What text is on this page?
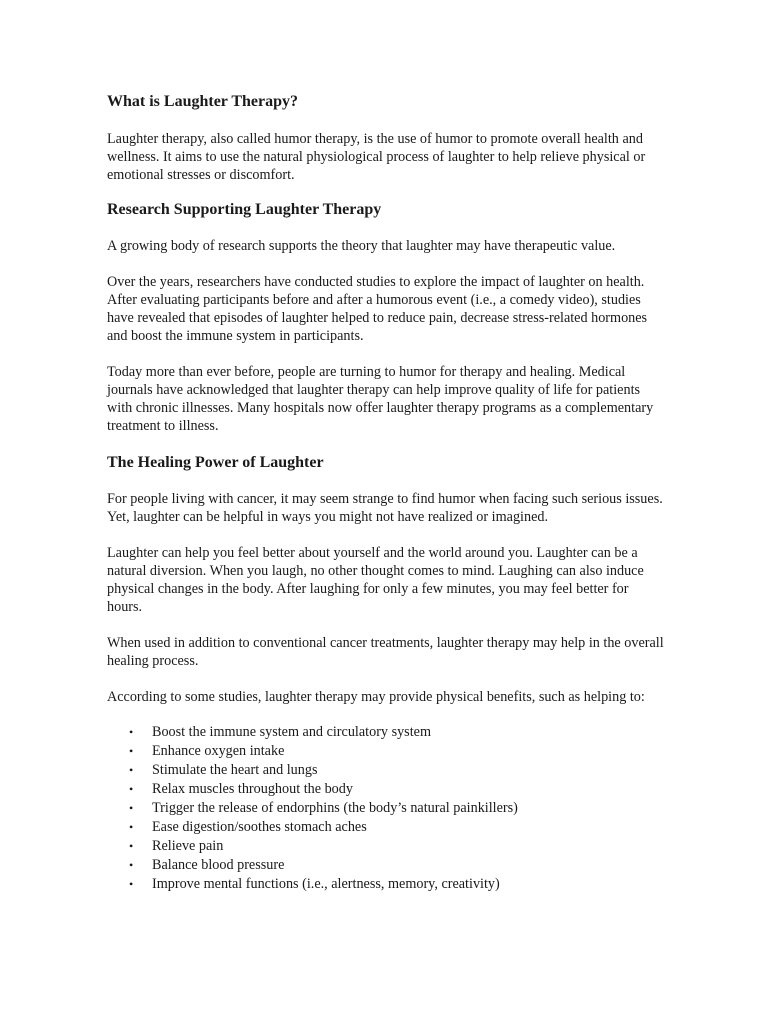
What is Laughter Therapy?

Laughter therapy, also called humor therapy, is the use of humor to promote overall health and wellness. It aims to use the natural physiological process of laughter to help relieve physical or emotional stresses or discomfort.

Research Supporting Laughter Therapy

A growing body of research supports the theory that laughter may have therapeutic value.

Over the years, researchers have conducted studies to explore the impact of laughter on health. After evaluating participants before and after a humorous event (i.e., a comedy video), studies have revealed that episodes of laughter helped to reduce pain, decrease stress-related hormones and boost the immune system in participants.

Today more than ever before, people are turning to humor for therapy and healing. Medical journals have acknowledged that laughter therapy can help improve quality of life for patients with chronic illnesses. Many hospitals now offer laughter therapy programs as a complementary treatment to illness.

The Healing Power of Laughter

For people living with cancer, it may seem strange to find humor when facing such serious issues. Yet, laughter can be helpful in ways you might not have realized or imagined.

Laughter can help you feel better about yourself and the world around you. Laughter can be a natural diversion. When you laugh, no other thought comes to mind. Laughing can also induce physical changes in the body. After laughing for only a few minutes, you may feel better for hours.

When used in addition to conventional cancer treatments, laughter therapy may help in the overall healing process.

According to some studies, laughter therapy may provide physical benefits, such as helping to:

• Boost the immune system and circulatory system
• Enhance oxygen intake
• Stimulate the heart and lungs
• Relax muscles throughout the body
• Trigger the release of endorphins (the body’s natural painkillers)
• Ease digestion/soothes stomach aches
• Relieve pain
• Balance blood pressure
• Improve mental functions (i.e., alertness, memory, creativity)
